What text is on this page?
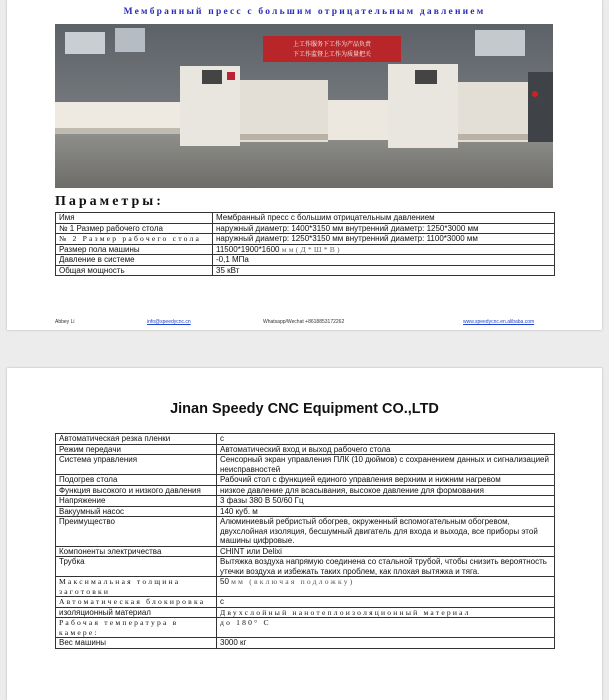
Мембранный пресс с большим отрицательным давлением
上工作服务下工作为产品负责
下工作监督上工作为质量把关
Параметры:
Имя	Мембранный пресс с большим отрицательным давлением
№ 1 Размер рабочего стола	наружный диаметр: 1400*3150 мм внутренний диаметр: 1250*3000 мм
№ 2 Размер рабочего стола	наружный диаметр: 1250*3150 мм внутренний диаметр: 1100*3000 мм
Размер пола машины	11500*1900*1600 мм(Д*Ш*В)
Давление в системе	-0,1 МПа
Общая мощность	35 кВт
Abbey Li	info@speedycnc.cn	Whatsapp/Wechat +8618853172262	www.speedycnc.en.alibaba.com
Jinan Speedy CNC Equipment CO.,LTD
Автоматическая резка пленки	с
Режим передачи	Автоматический вход и выход рабочего стола
Система управления	Сенсорный экран управления ПЛК (10 дюймов) с сохранением данных и сигнализацией неисправностей
Подогрев стола	Рабочий стол с функцией единого управления верхним и нижним нагревом
Функция высокого и низкого давления	низкое давление для всасывания, высокое давление для формования
Напряжение	3 фазы 380 В 50/60 Гц
Вакуумный насос	140 куб. м
Преимущество	Алюминиевый ребристый обогрев, окруженный вспомогательным обогревом, двухслойная изоляция, бесшумный двигатель для входа и выхода, все приборы этой машины цифровые.
Компоненты электричества	CHINT или Delixi
Трубка	Вытяжка воздуха напрямую соединена со стальной трубой, чтобы снизить вероятность утечки воздуха и избежать таких проблем, как плохая вытяжка и тяга.
Максимальная толщина заготовки	50 мм (включая подложку)
Автоматическая блокировка	с
изоляционный материал	Двухслойный нанотеплоизоляционный материал
Рабочая температура в камере:	до 180° С
Вес машины	3000 кг
